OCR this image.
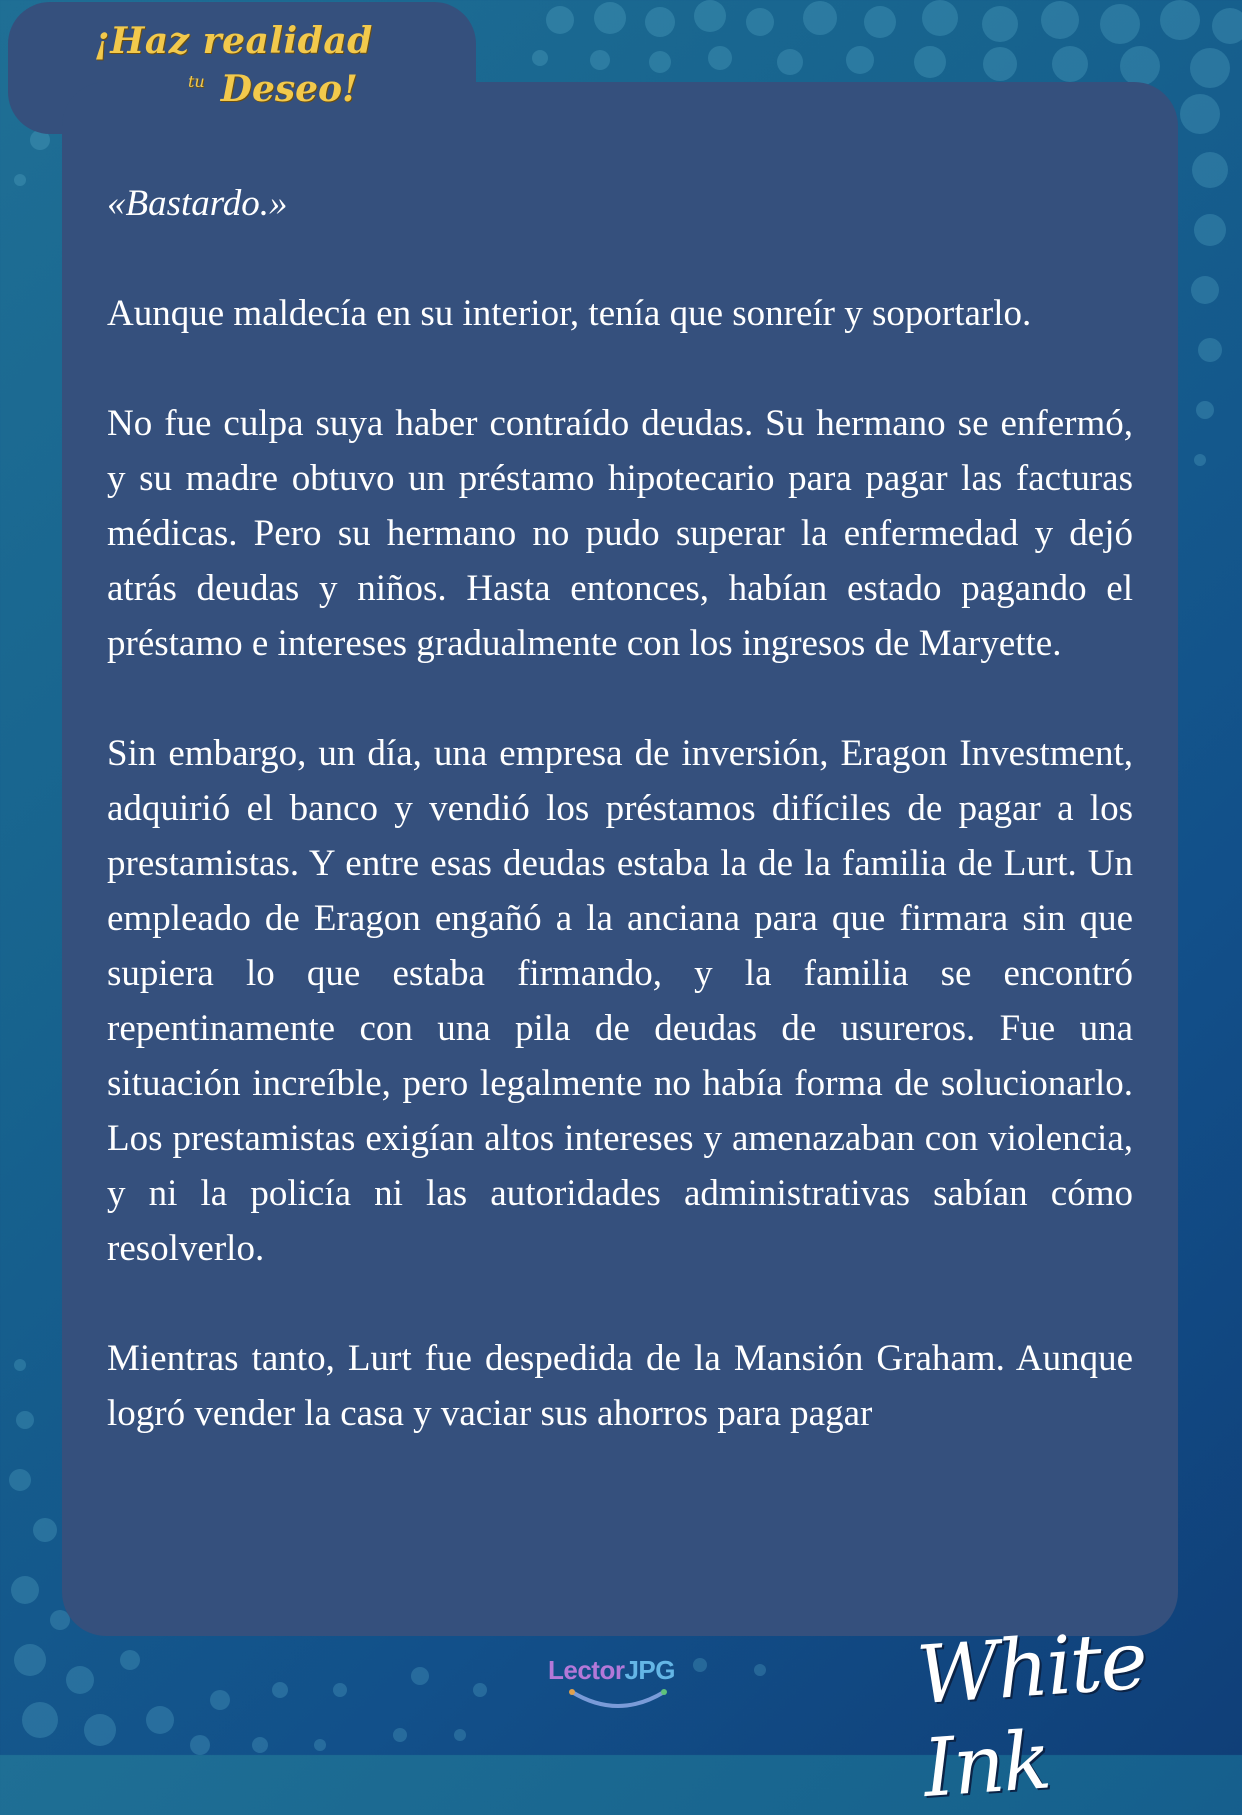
¡Haz realidad
$^{tu}$ Deseo!

«Bastardo.»

Aunque maldecía en su interior, tenía que sonreír y soportarlo.

No fue culpa suya haber contraído deudas. Su hermano se enfermó, y su madre obtuvo un préstamo hipotecario para pagar las facturas médicas. Pero su hermano no pudo superar la enfermedad y dejó atrás deudas y niños. Hasta entonces, habían estado pagando el préstamo e intereses gradualmente con los ingresos de Maryette.

Sin embargo, un día, una empresa de inversión, Eragon Investment, adquirió el banco y vendió los préstamos difíciles de pagar a los prestamistas. Y entre esas deudas estaba la de la familia de Lurt. Un empleado de Eragon engañó a la anciana para que firmara sin que supiera lo que estaba firmando, y la familia se encontró repentinamente con una pila de deudas de usureros. Fue una situación increíble, pero legalmente no había forma de solucionarlo. Los prestamistas exigían altos intereses y amenazaban con violencia, y ni la policía ni las autoridades administrativas sabían cómo resolverlo.

Mientras tanto, Lurt fue despedida de la Mansión Graham. Aunque logró vender la casa y vaciar sus ahorros para pagar

LectorJPG	White Ink
